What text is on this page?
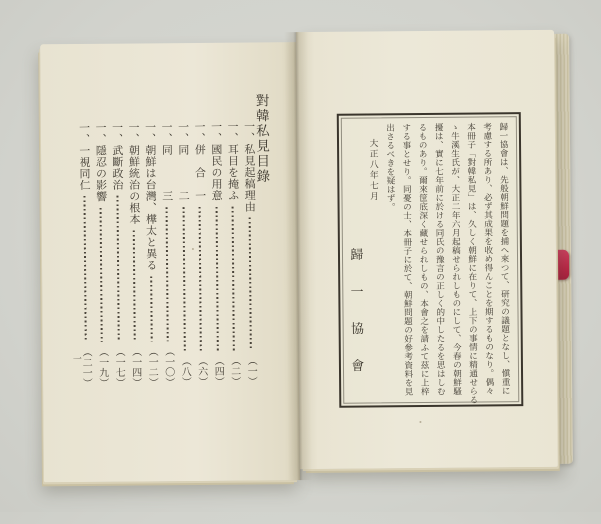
對韓私見目錄
一、私見起稿理由
（一）
一、耳目を掩ふ
（二）
一、國民の用意
（四）
一、併　合　一
（六）
一、同　　　二
（八）
一、同　　　三
（一〇）
一、朝鮮は台灣、樺太と異る
（一二）
一、朝鮮統治の根本
（一四）
一、武斷政治
（一七）
一、隱忍の影響
（一九）
一、一視同仁
（二一）
一	歸一協會は、先般朝鮮問題を捕へ來つて、研究の議題となし、愼重に
考慮する所あり、必ず其成果を收め得んことを期するものなり。偶々
本冊子「對韓私見」は、久しく朝鮮に在りて、上下の事情に精通せらる
ゝ牛溪生氏が、大正二年六月起稿せられしものにして、今春の朝鮮騷
擾は、實に七年前に於ける同氏の豫言の正しく的中したるを思はしむ
るものあり。爾來筐底深く藏せられしもの、本會之を請ふて茲に上梓
する事とせり。同憂の士、本冊子に於て、朝鮮問題の好參考資料を見
出さるべきを疑はず。
大正八年七月
歸一協會
